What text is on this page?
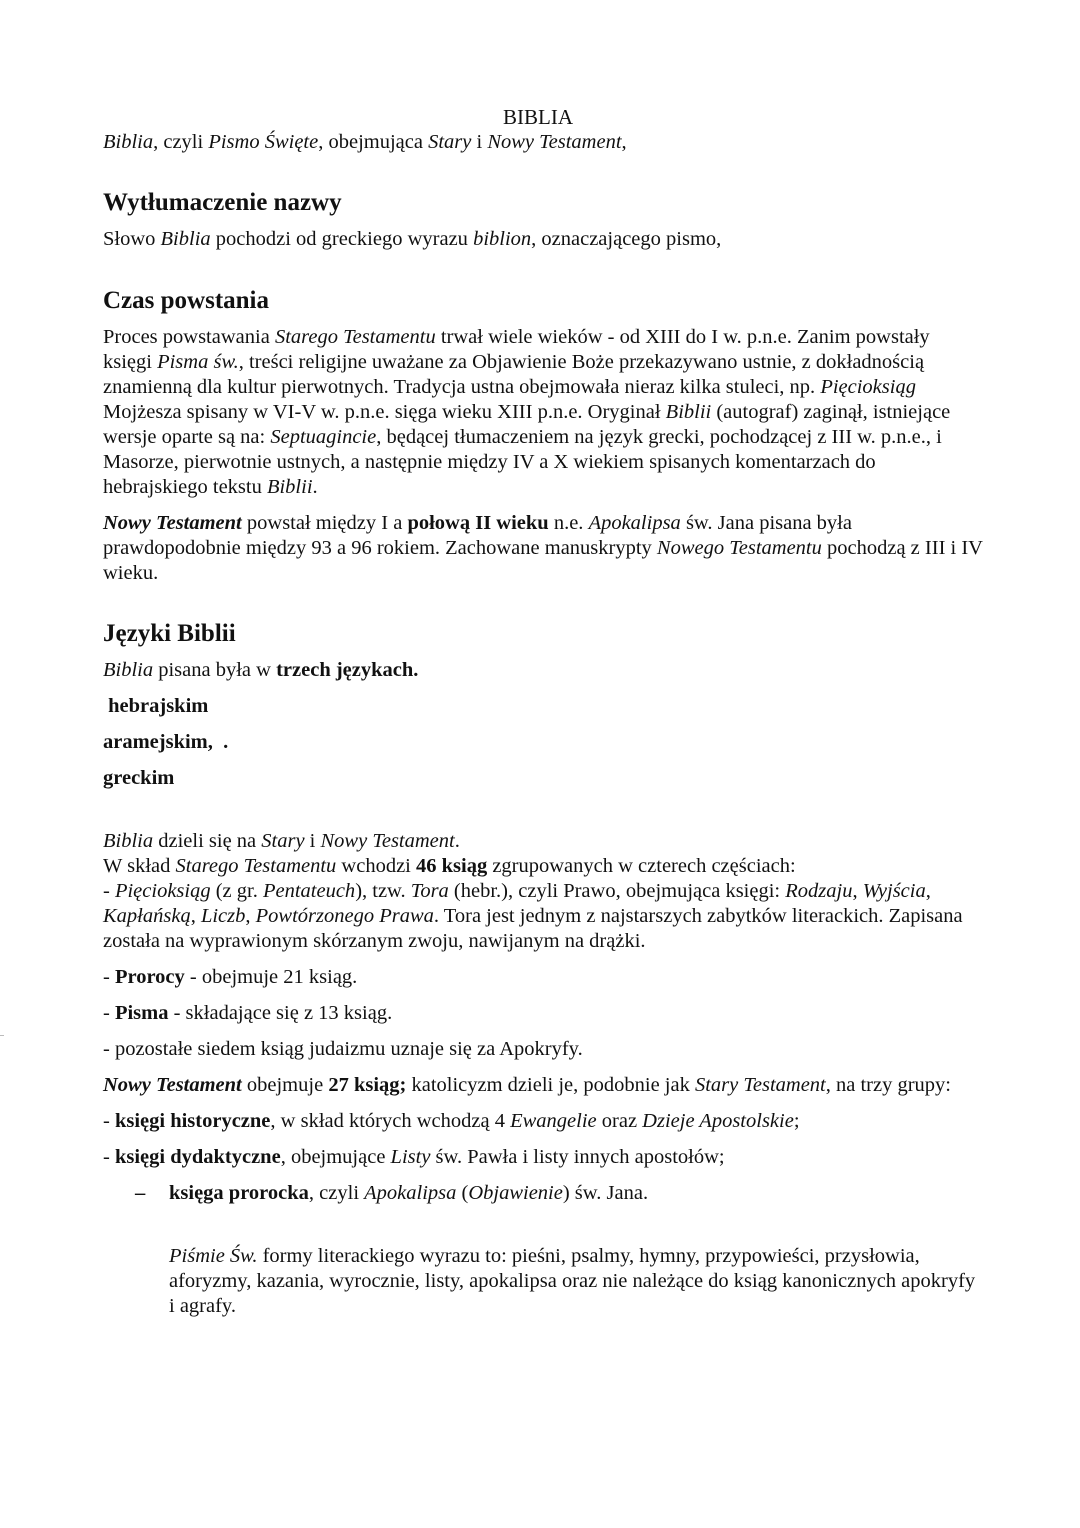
BIBLIA

Biblia, czyli Pismo Święte, obejmująca Stary i Nowy Testament,

Wytłumaczenie nazwy

Słowo Biblia pochodzi od greckiego wyrazu biblion, oznaczającego pismo,

Czas powstania

Proces powstawania Starego Testamentu trwał wiele wieków - od XIII do I w. p.n.e. Zanim powstały księgi Pisma św., treści religijne uważane za Objawienie Boże przekazywano ustnie, z dokładnością znamienną dla kultur pierwotnych. Tradycja ustna obejmowała nieraz kilka stuleci, np. Pięcioksiąg Mojżesza spisany w VI-V w. p.n.e. sięga wieku XIII p.n.e. Oryginał Biblii (autograf) zaginął, istniejące wersje oparte są na: Septuagincie, będącej tłumaczeniem na język grecki, pochodzącej z III w. p.n.e., i Masorze, pierwotnie ustnych, a następnie między IV a X wiekiem spisanych komentarzach do hebrajskiego tekstu Biblii.

Nowy Testament powstał między I a połową II wieku n.e. Apokalipsa św. Jana pisana była prawdopodobnie między 93 a 96 rokiem. Zachowane manuskrypty Nowego Testamentu pochodzą z III i IV wieku.

Języki Biblii

Biblia pisana była w trzech językach.

hebrajskim

aramejskim,  .

greckim

Biblia dzieli się na Stary i Nowy Testament.

W skład Starego Testamentu wchodzi 46 ksiąg zgrupowanych w czterech częściach:

- Pięcioksiąg (z gr. Pentateuch), tzw. Tora (hebr.), czyli Prawo, obejmująca księgi: Rodzaju, Wyjścia, Kapłańską, Liczb, Powtórzonego Prawa. Tora jest jednym z najstarszych zabytków literackich. Zapisana została na wyprawionym skórzanym zwoju, nawijanym na drążki.

- Prorocy - obejmuje 21 ksiąg.

- Pisma - składające się z 13 ksiąg.

- pozostałe siedem ksiąg judaizmu uznaje się za Apokryfy.

Nowy Testament obejmuje 27 ksiąg; katolicyzm dzieli je, podobnie jak Stary Testament, na trzy grupy:

- księgi historyczne, w skład których wchodzą 4 Ewangelie oraz Dzieje Apostolskie;

- księgi dydaktyczne, obejmujące Listy św. Pawła i listy innych apostołów;

– księga prorocka, czyli Apokalipsa (Objawienie) św. Jana.

Piśmie Św. formy literackiego wyrazu to: pieśni, psalmy, hymny, przypowieści, przysłowia, aforyzmy, kazania, wyrocznie, listy, apokalipsa oraz nie należące do ksiąg kanonicznych apokryfy i agrafy.
